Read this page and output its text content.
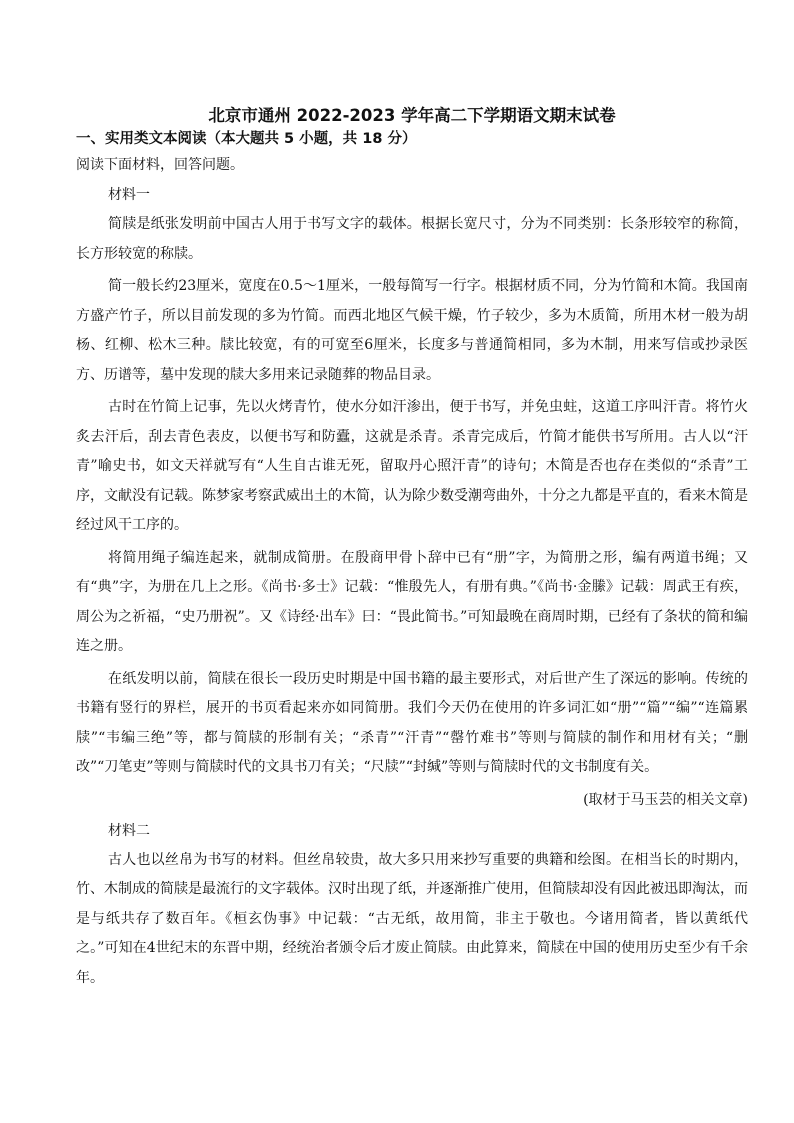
北京市通州 2022-2023 学年高二下学期语文期末试卷
一、实用类文本阅读（本大题共 5 小题，共 18 分）
阅读下面材料，回答问题。
材料一

简牍是纸张发明前中国古人用于书写文字的载体。根据长宽尺寸，分为不同类别：长条形较窄的称简，长方形较宽的称牍。

简一般长约23厘米，宽度在0.5～1厘米，一般每简写一行字。根据材质不同，分为竹简和木简。我国南方盛产竹子，所以目前发现的多为竹简。而西北地区气候干燥，竹子较少，多为木质简，所用木材一般为胡杨、红柳、松木三种。牍比较宽，有的可宽至6厘米，长度多与普通简相同，多为木制，用来写信或抄录医方、历谱等，墓中发现的牍大多用来记录随葬的物品目录。

古时在竹简上记事，先以火烤青竹，使水分如汗渗出，便于书写，并免虫蛀，这道工序叫汗青。将竹火炙去汗后，刮去青色表皮，以便书写和防蠹，这就是杀青。杀青完成后，竹简才能供书写所用。古人以“汗青”喻史书，如文天祥就写有“人生自古谁无死，留取丹心照汗青”的诗句；木简是否也存在类似的“杀青”工序，文献没有记载。陈梦家考察武威出土的木简，认为除少数受潮弯曲外，十分之九都是平直的，看来木简是经过风干工序的。

将简用绳子编连起来，就制成简册。在殷商甲骨卜辞中已有“册”字，为简册之形，编有两道书绳；又有“典”字，为册在几上之形。《尚书·多士》记载：“惟殷先人，有册有典。”《尚书·金縢》记载：周武王有疾，周公为之祈福，“史乃册祝”。又《诗经·出车》曰：“畏此简书。”可知最晚在商周时期，已经有了条状的简和编连之册。

在纸发明以前，简牍在很长一段历史时期是中国书籍的最主要形式，对后世产生了深远的影响。传统的书籍有竖行的界栏，展开的书页看起来亦如同简册。我们今天仍在使用的许多词汇如“册”“篇”“编”“连篇累牍”“韦编三绝”等，都与简牍的形制有关；“杀青”“汗青”“罄竹难书”等则与简牍的制作和用材有关；“删改”“刀笔吏”等则与简牍时代的文具书刀有关；“尺牍”“封缄”等则与简牍时代的文书制度有关。

(取材于马玉芸的相关文章)
材料二

古人也以丝帛为书写的材料。但丝帛较贵，故大多只用来抄写重要的典籍和绘图。在相当长的时期内，竹、木制成的简牍是最流行的文字载体。汉时出现了纸，并逐渐推广使用，但简牍却没有因此被迅即淘汰，而是与纸共存了数百年。《桓玄伪事》中记载：“古无纸，故用简，非主于敬也。今诸用简者，皆以黄纸代之。”可知在4世纪末的东晋中期，经统治者颁令后才废止简牍。由此算来，简牍在中国的使用历史至少有千余年。
